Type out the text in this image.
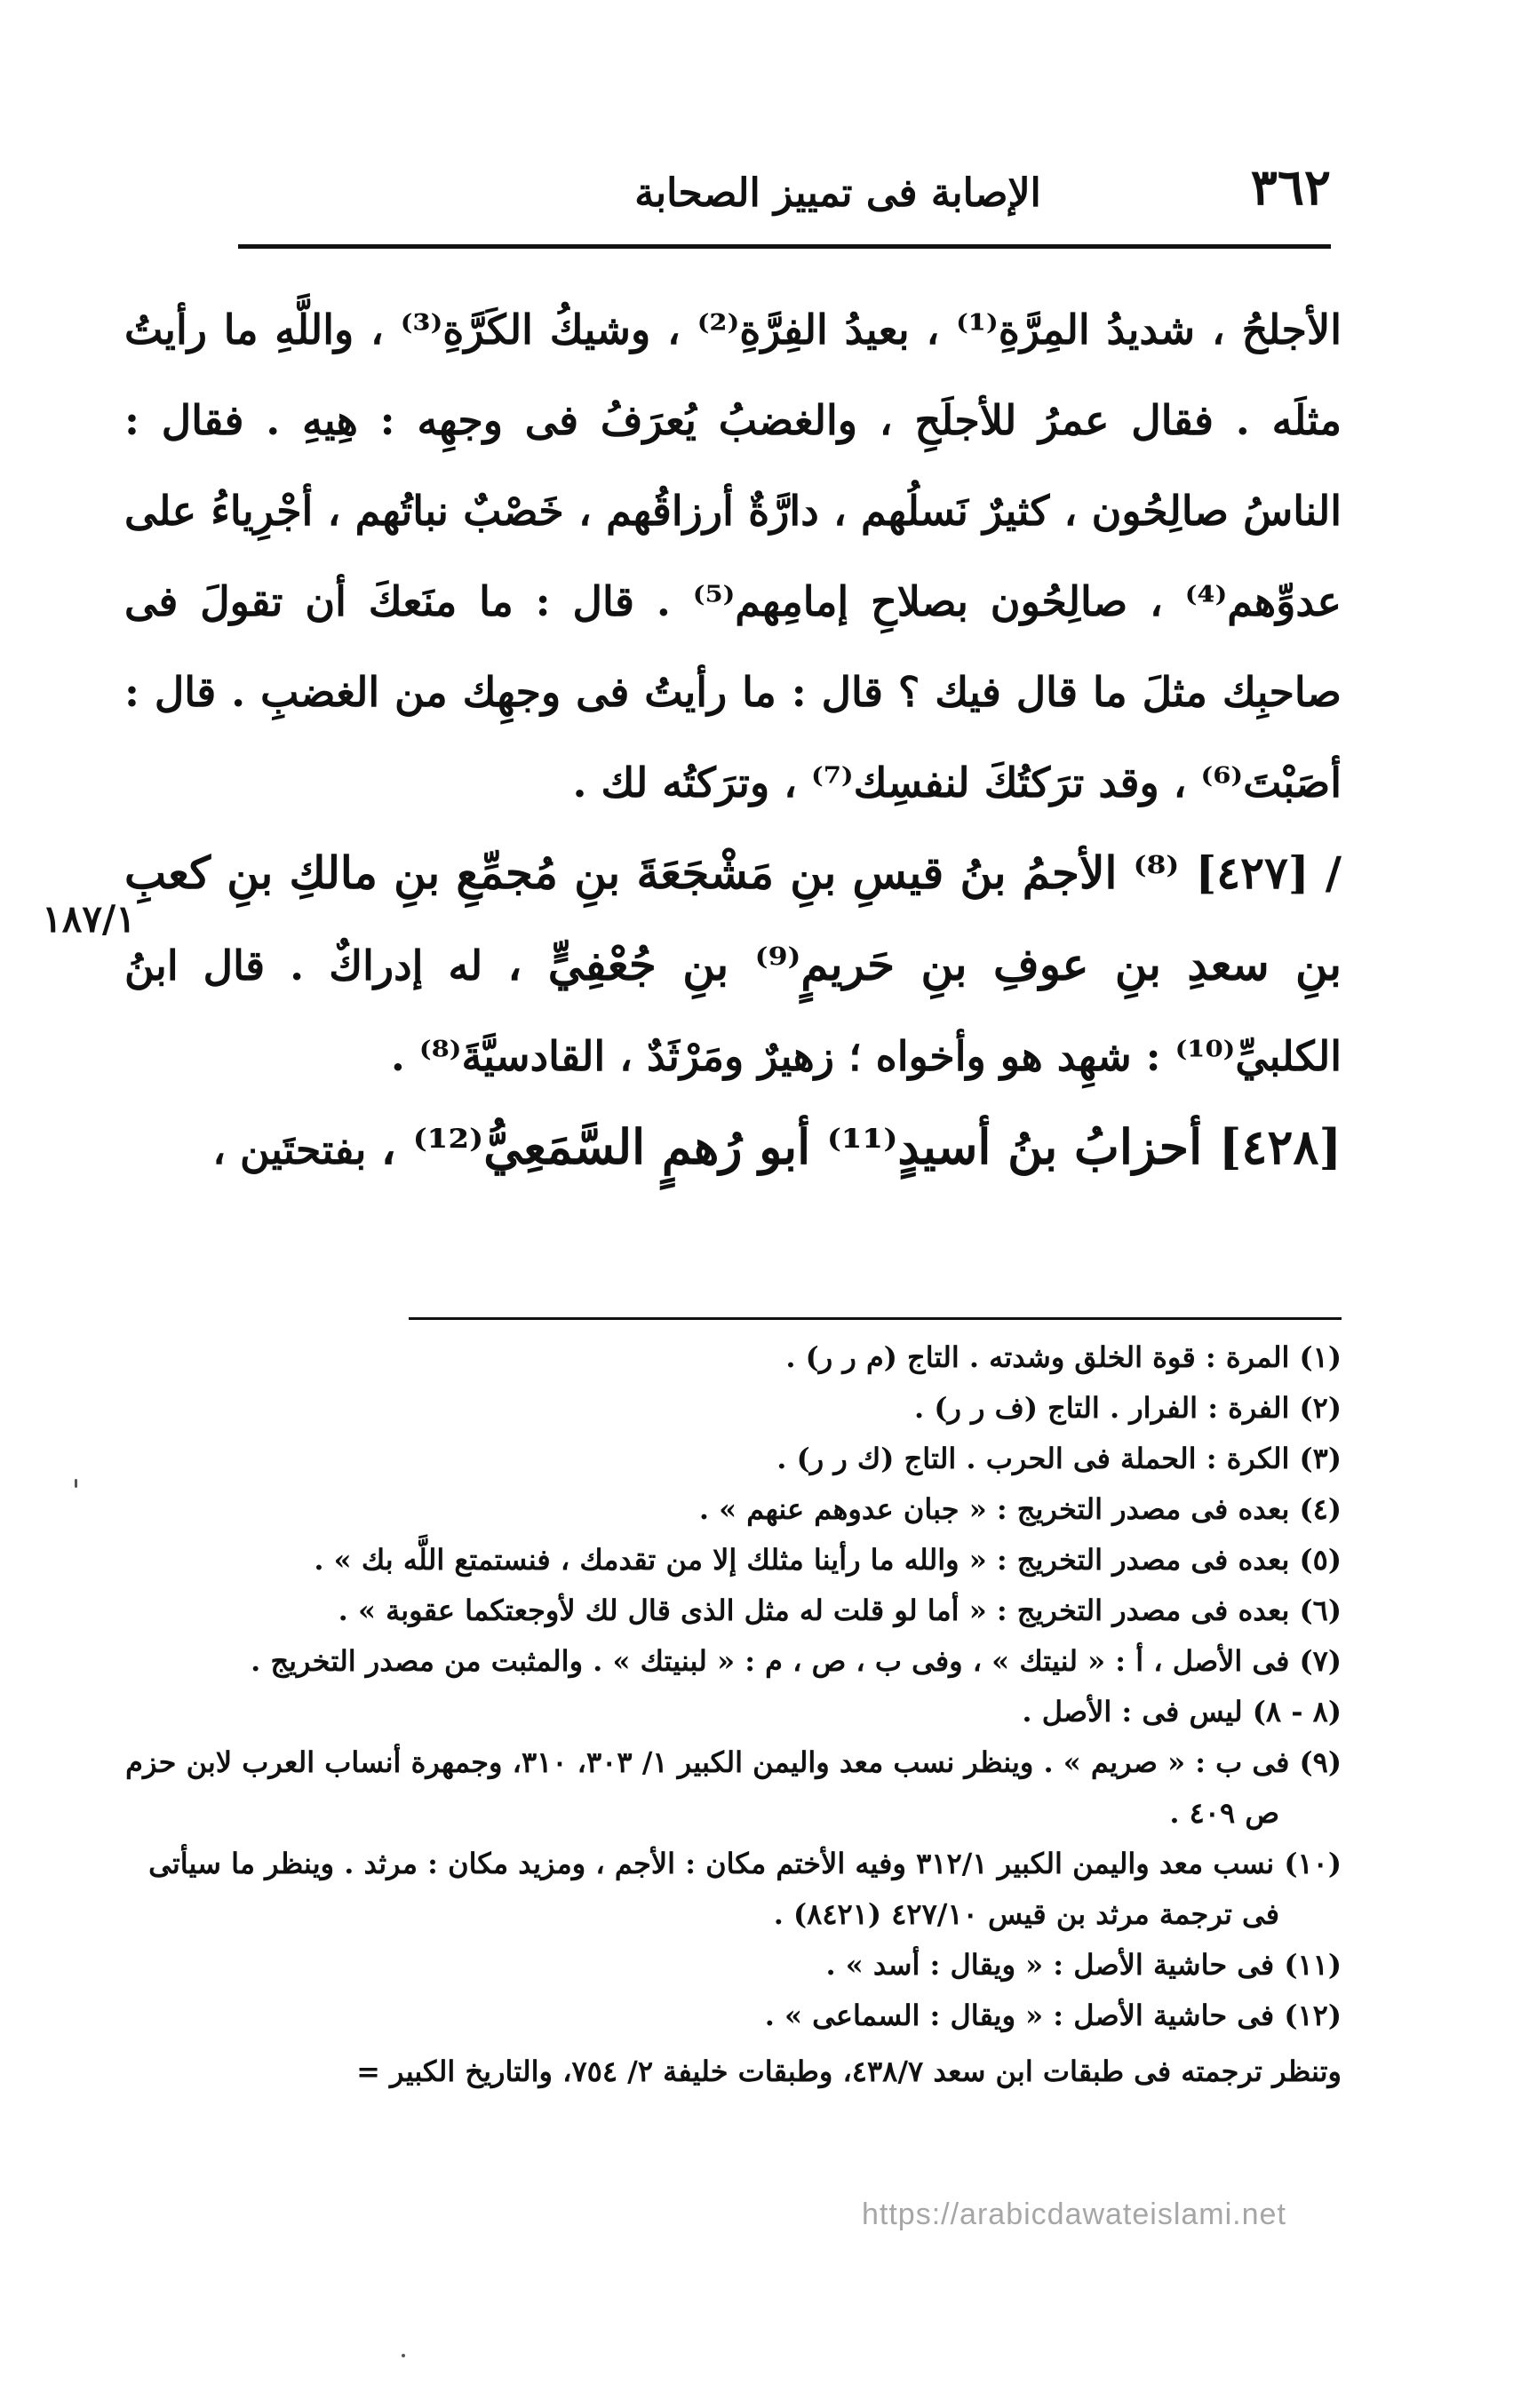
٣٦٢
الإصابة فى تمييز الصحابة
١٨٧/١

الأجلحُ ، شديدُ المِرَّةِ⁽¹⁾ ، بعيدُ الفِرَّةِ⁽²⁾ ، وشيكُ الكَرَّةِ⁽³⁾ ، واللَّهِ ما رأيتُ مثلَه . فقال عمرُ للأجلَحِ ، والغضبُ يُعرَفُ فى وجهِه : هِيهِ . فقال : الناسُ صالِحُون ، كثيرٌ نَسلُهم ، دارَّةٌ أرزاقُهم ، خَصْبٌ نباتُهم ، أجْرِياءُ على عدوِّهم⁽⁴⁾ ، صالِحُون بصلاحِ إمامِهم⁽⁵⁾ . قال : ما منَعكَ أن تقولَ فى صاحبِك مثلَ ما قال فيك ؟ قال : ما رأيتُ فى وجهِك من الغضبِ . قال : أصَبْتَ⁽⁶⁾ ، وقد ترَكتُكَ لنفسِك⁽⁷⁾ ، وترَكتُه لك .

/ [٤٢٧] ⁽⁸⁾ الأجمُ بنُ قيسِ بنِ مَشْجَعَةَ بنِ مُجمِّعِ بنِ مالكِ بنِ كعبِ بنِ سعدِ بنِ عوفِ بنِ حَريمٍ⁽⁹⁾ بنِ جُعْفِيٍّ ، له إدراكٌ . قال ابنُ الكلبيِّ⁽¹⁰⁾ : شهِد هو وأخواه ؛ زهيرٌ ومَرْثَدٌ ، القادسيَّةَ⁽⁸⁾ .

[٤٢٨] أحزابُ بنُ أسيدٍ⁽¹¹⁾ أبو رُهمٍ السَّمَعِيُّ⁽¹²⁾ ، بفتحتَين ،

(١) المرة : قوة الخلق وشدته . التاج (م ر ر) .
(٢) الفرة : الفرار . التاج (ف ر ر) .
(٣) الكرة : الحملة فى الحرب . التاج (ك ر ر) .
(٤) بعده فى مصدر التخريج : « جبان عدوهم عنهم » .
(٥) بعده فى مصدر التخريج : « والله ما رأينا مثلك إلا من تقدمك ، فنستمتع اللَّه بك » .
(٦) بعده فى مصدر التخريج : « أما لو قلت له مثل الذى قال لك لأوجعتكما عقوبة » .
(٧) فى الأصل ، أ : « لنيتك » ، وفى ب ، ص ، م : « لبنيتك » . والمثبت من مصدر التخريج .
(٨ - ٨) ليس فى : الأصل .
(٩) فى ب : « صريم » . وينظر نسب معد واليمن الكبير ١/ ٣٠٣، ٣١٠، وجمهرة أنساب العرب لابن حزم ص ٤٠٩ .
(١٠) نسب معد واليمن الكبير ٣١٢/١ وفيه الأختم مكان : الأجم ، ومزيد مكان : مرثد . وينظر ما سيأتى فى ترجمة مرثد بن قيس ٤٢٧/١٠ (٨٤٢١) .
(١١) فى حاشية الأصل : « ويقال : أسد » .
(١٢) فى حاشية الأصل : « ويقال : السماعى » .
وتنظر ترجمته فى طبقات ابن سعد ٤٣٨/٧، وطبقات خليفة ٢/ ٧٥٤، والتاريخ الكبير =
https://arabicdawateislami.net
